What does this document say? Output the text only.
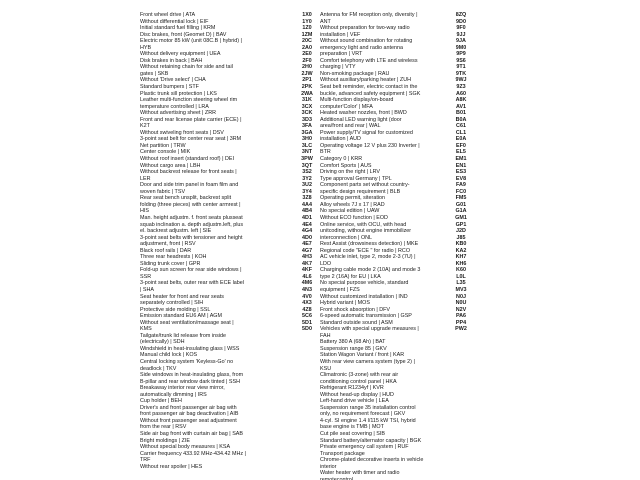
Front wheel drive | ATA
Without differential lock | EIF
Initial standard fuel filling | KRM
Disc brakes, front (Geomet D) | BAV
Electric motor 85 kW (unit 08C.B | hybrid) |
HYB
Without delivery equipment | UEA
Disk brakes in back | BAH
Without retaining chain for side and tail
gates | SKB
Without 'Drive select' | CHA
Standard bumpers | STF
Plastic trunk sill protection | LKS
Leather multi-function steering wheel rim
temperature controlled | LRA
Without advertising sheet | ZRR
Front and rear license plate carrier (ECE) |
K2T
Without swiveling front seats | DSV
3-point seat belt for center rear seat | 3RM
Net partition | TRW
Center console | MIK
Without roof insert (standard roof) | DEI
Without cargo area | LBH
Without backrest release for front seats |
LER
Door and side trim panel in foam film and
woven fabric | TSV
Rear seat bench unsplit, backrest split
folding (three pieces) with center armrest |
HIS
Man. height adjustm. f. front seats plusseat
squab inclination a. depth adjustm.left, plus
el. backrest adjustm. left | SIE
3-point seat belts with tensioner and height
adjustment, front | RSV
Black roof rails | DAR
Three rear headrests | KOH
Sliding trunk cover | GPR
Fold-up sun screen for rear side windows |
SSR
3-point seat belts, outer rear with ECE label
| SHA
Seat heater for front and rear seats
separately controlled | SIH
Protective side molding | SSL
Emission standard EU6 AM | AGM
Without seat ventilation/massage seat |
KMS
Tailgate/trunk lid release from inside
(electrically) | SDH
Windshield in heat-insulating glass | WSS
Manual child lock | KOS
Central locking system 'Keyless-Go' no
deadlock | TKV
Side windows in heat-insulating glass, from
B-pillar and rear window dark tinted | SSH
Breakaway interior rear view mirror,
automatically dimming | IRS
Cup holder | BEH
Driver's and front passenger air bag with
front passenger air bag deactivation | AIB
Without front passenger seat adjustment
from the rear | RSV
Side air bag front with curtain air bag | SAB
Bright moldings | ZIE
Without special body measures | KSA
Carrier frequency 433.92 MHz-434.42 MHz |
TRF
Without rear spoiler | HES
1X0
1Y0
1Z0
1ZM
20C
2A0
2E0
2F0
2H0
2JW
2P1
2PK
2WA
31K
3CX
3CK
3D3
3FA
3GA
3H0
3LC
3NT
3PW
3QT
3S2
3Y2
3U2
3Y4
3Z8
4A4
4B4
4D1
4E4
4G4
4D0
4E7
4G7
4H3
4K7
4KF
4L6
4M6
4N3
4V0
4X3
4Z8
5C6
5D1
5D0
Antenna for FM reception only, diversity |
ANT
Without preparation for two-way radio
installation | VEF
Without sound combination for rotating
emergency light and radio antenna
preparation | VRT
Comfort telephony with LTE and wireless
charging | VTY
Non-smoking package | RAU
Without auxiliary/parking heater | ZUH
Seat belt reminder, electric contact in the
buckle, advanced safety equipment | SGK
Multi-function display/on-board
computer'Color' | MFA
Heated washer nozzles, front | BWD
Additional LED warning light (door
area/front and rear | WAL
Power supply/TV signal for customized
installation | AUD
Operating voltage 12 V plus 230 Inverter |
BTR
Category 0 | KRR
Comfort Sports | AUS
Driving on the right | LRV
Type approval Germany | TPL
Component parts set without country-
specific design requirement | BLB
Operating permit, siteration
Alloy wheels 7J x 17 | RAD
No special edition | UAW
Without ECO function | EOD
Online service, with OCU, with head
unitcoding, without engine immobilizer
interconnection | ONL
Rest Assist (drowsiness detection) | MKE
Regional code "ECE " for radio | RCO
AC vehicle inlet, type 2, mode 2-3 (7U) |
LDO
Charging cable mode 2 (10A) and mode 3
type 2 (16A) for EU | LKA
No special purpose vehicle, standard
equipment | FZS
Without customized installation | IND
Hybrid variant | MOS
Front shock absorption | DFV
6-speed automatic transmission | GSP
Standard outside sound | ASM
Vehicles with special upgrade measures |
FAH
Battery 380 A (68 Ah) | BAT
Suspension range 85 | GKV
Station Wagon Variant / front | KAR
With rear view camera system (type 2) |
KSU
Climatronic (3-zone) with rear air
conditioning control panel | HKA
Refrigerant R1234yf | KVR
Without head-up display | HUD
Left-hand drive vehicle | LEA
Suspension range 35 installation control
only, no requirement forecast | GKV
4-cyl. SI engine 1.4 l/115 kW TSI, hybrid
base engine is TMB | MOT
Cut pile seat covering | SIB
Standard battery/alternator capacity | BGK
Private emergency call system | RUF
Transport package
Chrome-plated decorative inserts in vehicle
interior
Water heater with timer and radio
remotecontrol
8ZQ
9D0
9F0
9JJ
9JA
9M0
9P9
9S6
9T1
9TK
9WJ
9Z3
A60
A8K
AV1
B01
B0A
C61
CL1
E0A
EF0
EL5
EM1
EN1
ES3
EV8
FA9
FC0
FM5
G01
G1A
GM1
GP1
J2D
J85
KB0
KA2
KH7
KH6
K60
L0L
L35
MV3
N0J
N0U
N2V
PA6
PP4
PW2
